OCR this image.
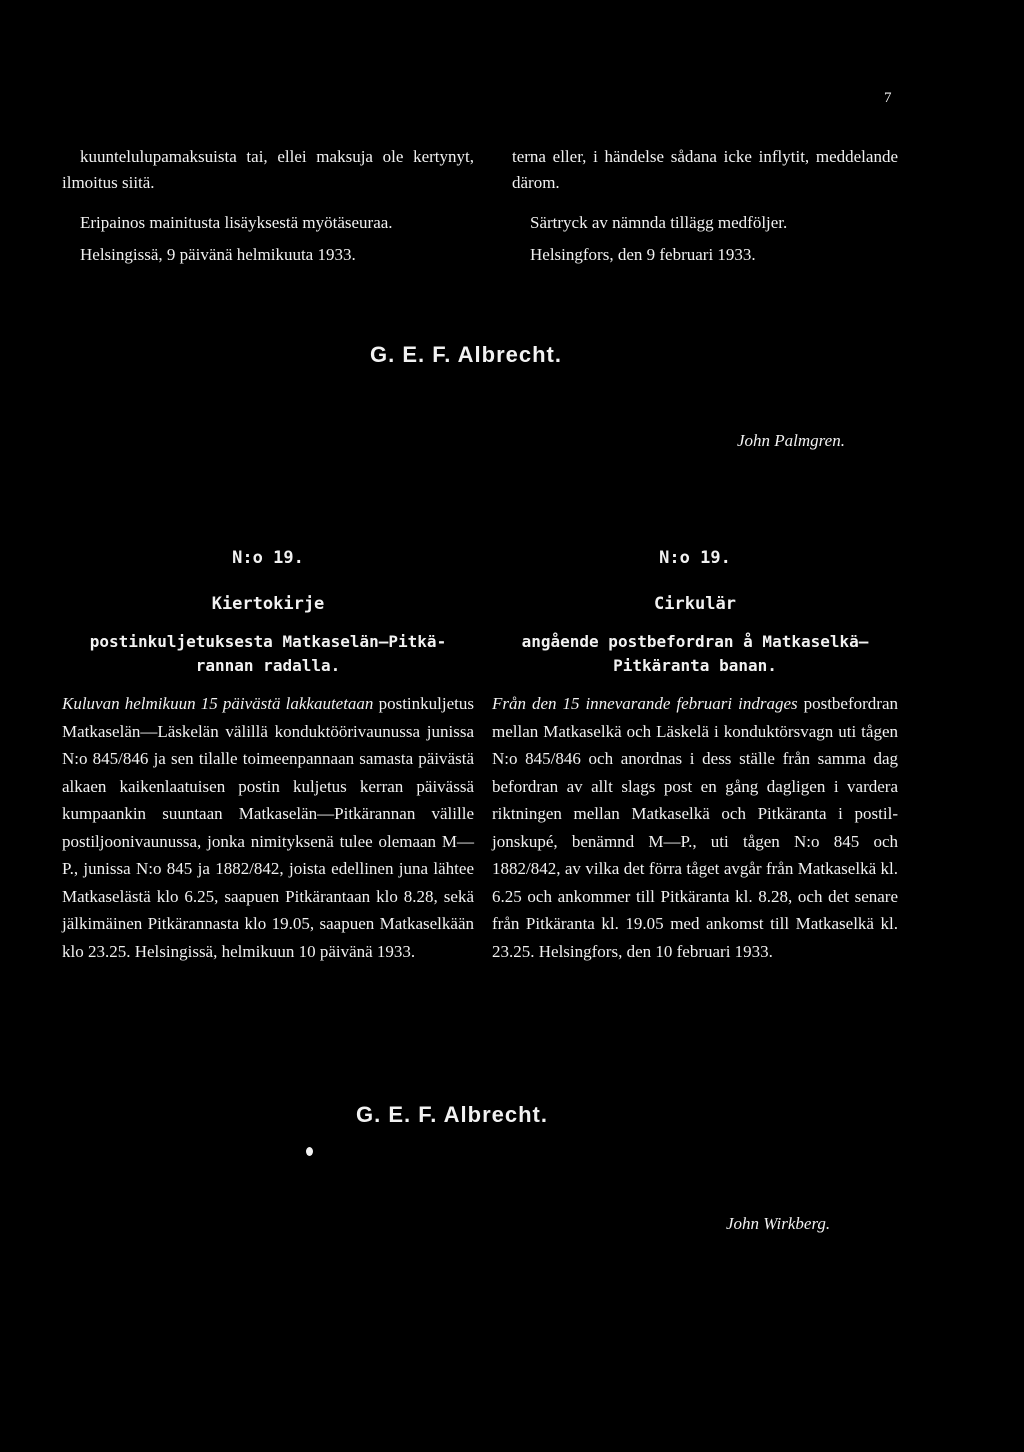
7

kuuntelulupamaksuista tai, ellei maksuja ole kertynyt, ilmoitus siitä.

Eripainos mainitusta lisäyksestä myötäseuraa.

Helsingissä, 9 päivänä helmikuuta 1933.

terna eller, i händelse sådana icke inflуtit, meddelande därom.

Särtryck av nämnda tillägg medföljer.

Helsingfors, den 9 februari 1933.

G. E. F. Albrecht.
John Palmgren.
N:o 19.
Kiertokirje
postinkuljetuksesta Matkaselän—Pitkärannan radalla.
Kuluvan helmikuun 15 päivästä lakkautetaan postinkuljetus Matkaselän—Läskelän välillä konduktöörivaunussa junissa N:o 845/846 ja sen tilalle toimeenpannaan samasta päivästä alkaen kaikenlaatuisen postin kuljetus kerran päivässä kumpaankin suuntaan Matkaselän—Pitkärannan välille postiljoonivaunussa, jonka nimityksenä tulee olemaan M—P., junissa N:o 845 ja 1882/842, joista edellinen juna lähtee Matkaselästä klo 6.25, saapuen Pitkärantaan klo 8.28, sekä jälkimäinen Pitkärannasta klo 19.05, saapuen Matkaselkään klo 23.25. Helsingissä, helmikuun 10 päivänä 1933.
N:o 19.
Cirkulär
angående postbefordran å Matkaselkä— Pitkäranta banan.
Från den 15 innevarande februari indrages postbefordran mellan Matkaselkä och Läskelä i konduktörsvagn uti tågen N:o 845/846 och anordnas i dess ställe från samma dag befordran av allt slags post en gång dagligen i vardera riktningen mellan Matkaselkä och Pitkäranta i postiljonskupé, benämnd M—P., uti tågen N:o 845 och 1882/842, av vilka det förra tåget avgår från Matkaselkä kl. 6.25 och ankommer till Pitkäranta kl. 8.28, och det senare från Pitkäranta kl. 19.05 med ankomst till Matkaselkä kl. 23.25. Helsingfors, den 10 februari 1933.
G. E. F. Albrecht.
John Wirkberg.
